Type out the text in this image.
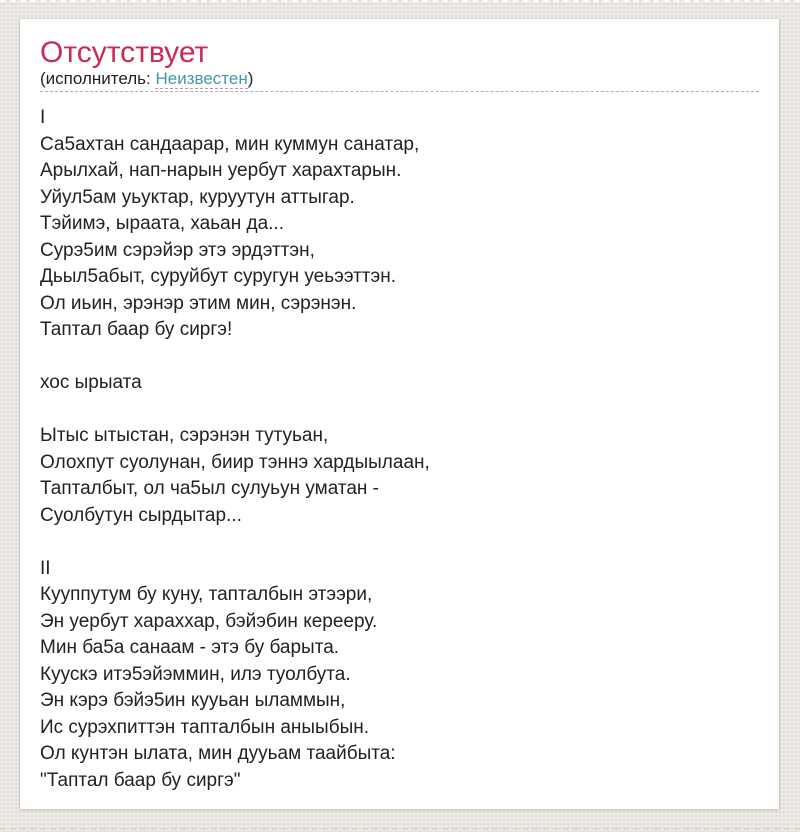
Отсутствует
(исполнитель: Неизвестен)
I
Са5ахтан сандаарар, мин куммун санатар,
Арылхай, нап-нарын уербут харахтарын.
Уйул5ам уьуктар, куруутун аттыгар.
Тэйимэ, ыраата, хаьан да...
Сурэ5им сэрэйэр этэ эрдэттэн,
Дьыл5абыт, суруйбут суругун уеьээттэн.
Ол иьин, эрэнэр этим мин, сэрэнэн.
Таптал баар бу сиргэ!

хос ырыата

Ытыс ытыстан, сэрэнэн тутуьан,
Олохпут суолунан, биир тэннэ хардыылаан,
Тапталбыт, ол ча5ыл сулуьун уматан -
Суолбутун сырдытар...

II
Кууппутум бу куну, тапталбын этээри,
Эн уербут хараххар, бэйэбин керееру.
Мин ба5а санаам - этэ бу барыта.
Куускэ итэ5эйэммин, илэ туолбута.
Эн кэрэ бэйэ5ин кууьан ыламмын,
Ис сурэхпиттэн тапталбын аныыбын.
Ол кунтэн ылата, мин дууьам таайбыта:
"Таптал баар бу сиргэ"
